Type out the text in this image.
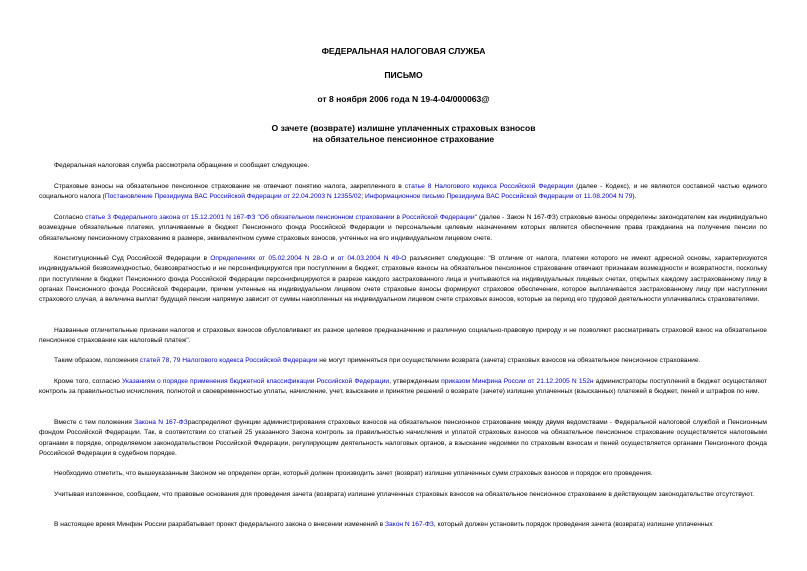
ФЕДЕРАЛЬНАЯ НАЛОГОВАЯ СЛУЖБА
ПИСЬМО
от 8 ноября 2006 года N 19-4-04/000063@
О зачете (возврате) излишне уплаченных страховых взносов
на обязательное пенсионное страхование

Федеральная налоговая служба рассмотрела обращение и сообщает следующее.

Страховые взносы на обязательное пенсионное страхование не отвечают понятию налога, закрепленного в статье 8 Налогового кодекса Российской Федерации (далее - Кодекс), и не являются составной частью единого социального налога (Постановление Президиума ВАС Российской Федерации от 22.04.2003 N 12355/02; Информационное письмо Президиума ВАС Российской Федерации от 11.08.2004 N 79).

Согласно статье 3 Федерального закона от 15.12.2001 N 167-ФЗ "Об обязательном пенсионном страховании в Российской Федерации" (далее - Закон N 167-ФЗ) страховые взносы определены законодателем как индивидуально возмездные обязательные платежи, уплачиваемые в бюджет Пенсионного фонда Российской Федерации и персональным целевым назначением которых является обеспечение права гражданина на получение пенсии по обязательному пенсионному страхованию в размере, эквивалентном сумме страховых взносов, учтенных на его индивидуальном лицевом счете.

Конституционный Суд Российской Федерации в Определениях от 05.02.2004 N 28-О и от 04.03.2004 N 49-О разъясняет следующее: "В отличие от налога, платежи которого не имеют адресной основы, характеризуются индивидуальной безвозмездностью, безвозвратностью и не персонифицируются при поступлении в бюджет, страховые взносы на обязательное пенсионное страхование отвечают признакам возмездности и возвратности, поскольку при поступлении в бюджет Пенсионного фонда Российской Федерации персонифицируются в разрезе каждого застрахованного лица и учитываются на индивидуальных лицевых счетах, открытых каждому застрахованному лицу в органах Пенсионного фонда Российской Федерации, причем учтенные на индивидуальном лицевом счете страховые взносы формируют страховое обеспечение, которое выплачивается застрахованному лицу при наступлении страхового случая, а величина выплат будущей пенсии напрямую зависит от суммы накопленных на индивидуальном лицевом счете страховых взносов, которые за период его трудовой деятельности уплачивались страхователями.

Названные отличительные признаки налогов и страховых взносов обусловливают их разное целевое предназначение и различную социально-правовую природу и не позволяют рассматривать страховой взнос на обязательное пенсионное страхование как налоговый платеж".

Таким образом, положения статей 78, 79 Налогового кодекса Российской Федерации не могут применяться при осуществлении возврата (зачета) страховых взносов на обязательное пенсионное страхование.

Кроме того, согласно Указаниям о порядке применения бюджетной классификации Российской Федерации, утвержденным приказом Минфина России от 21.12.2005 N 152н администраторы поступлений в бюджет осуществляют контроль за правильностью исчисления, полнотой и своевременностью уплаты, начисление, учет, взыскание и принятие решений о возврате (зачете) излишне уплаченных (взысканных) платежей в бюджет, пеней и штрафов по ним.

Вместе с тем положения Закона N 167-ФЗраспределяют функции администрирования страховых взносов на обязательное пенсионное страхование между двумя ведомствами - Федеральной налоговой службой и Пенсионным фондом Российской Федерации. Так, в соответствии со статьей 25 указанного Закона контроль за правильностью начисления и уплатой страховых взносов на обязательное пенсионное страхование осуществляется налоговыми органами в порядке, определяемом законодательством Российской Федерации, регулирующим деятельность налоговых органов, а взыскание недоимки по страховым взносам и пеней осуществляется органами Пенсионного фонда Российской Федерации в судебном порядке.

Необходимо отметить, что вышеуказанным Законом не определен орган, который должен производить зачет (возврат) излишне уплаченных сумм страховых взносов и порядок его проведения.

Учитывая изложенное, сообщаем, что правовые основания для проведения зачета (возврата) излишне уплаченных страховых взносов на обязательное пенсионное страхование в действующем законодательстве отсутствуют.

В настоящее время Минфин России разрабатывает проект федерального закона о внесении изменений в Закон N 167-ФЗ, который должен установить порядок проведения зачета (возврата) излишне уплаченных
